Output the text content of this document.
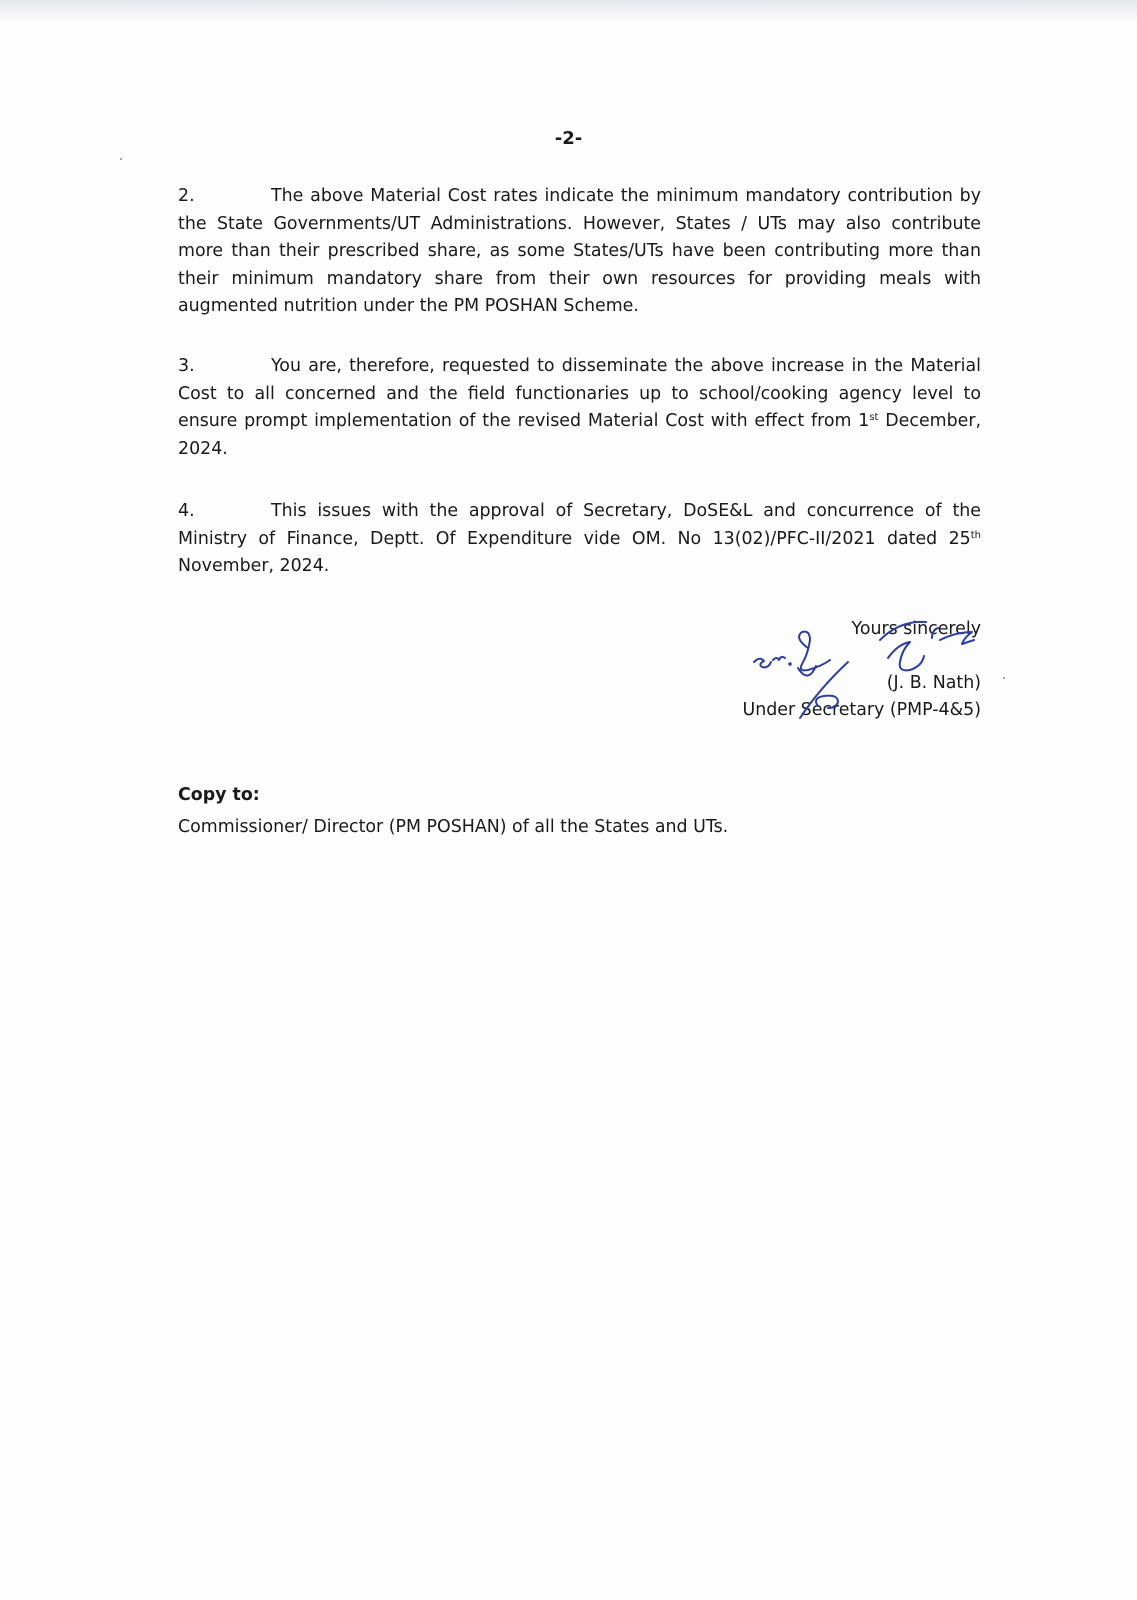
-2-

2.	The above Material Cost rates indicate the minimum mandatory contribution by the State Governments/UT Administrations. However, States / UTs may also contribute more than their prescribed share, as some States/UTs have been contributing more than their minimum mandatory share from their own resources for providing meals with augmented nutrition under the PM POSHAN Scheme.

3.	You are, therefore, requested to disseminate the above increase in the Material Cost to all concerned and the field functionaries up to school/cooking agency level to ensure prompt implementation of the revised Material Cost with effect from 1st December, 2024.

4.	This issues with the approval of Secretary, DoSE&L and concurrence of the Ministry of Finance, Deptt. Of Expenditure vide OM. No 13(02)/PFC-II/2021 dated 25th November, 2024.

Yours sincerely
(J. B. Nath)
Under Secretary (PMP-4&5)
Copy to:
Commissioner/ Director (PM POSHAN) of all the States and UTs.
